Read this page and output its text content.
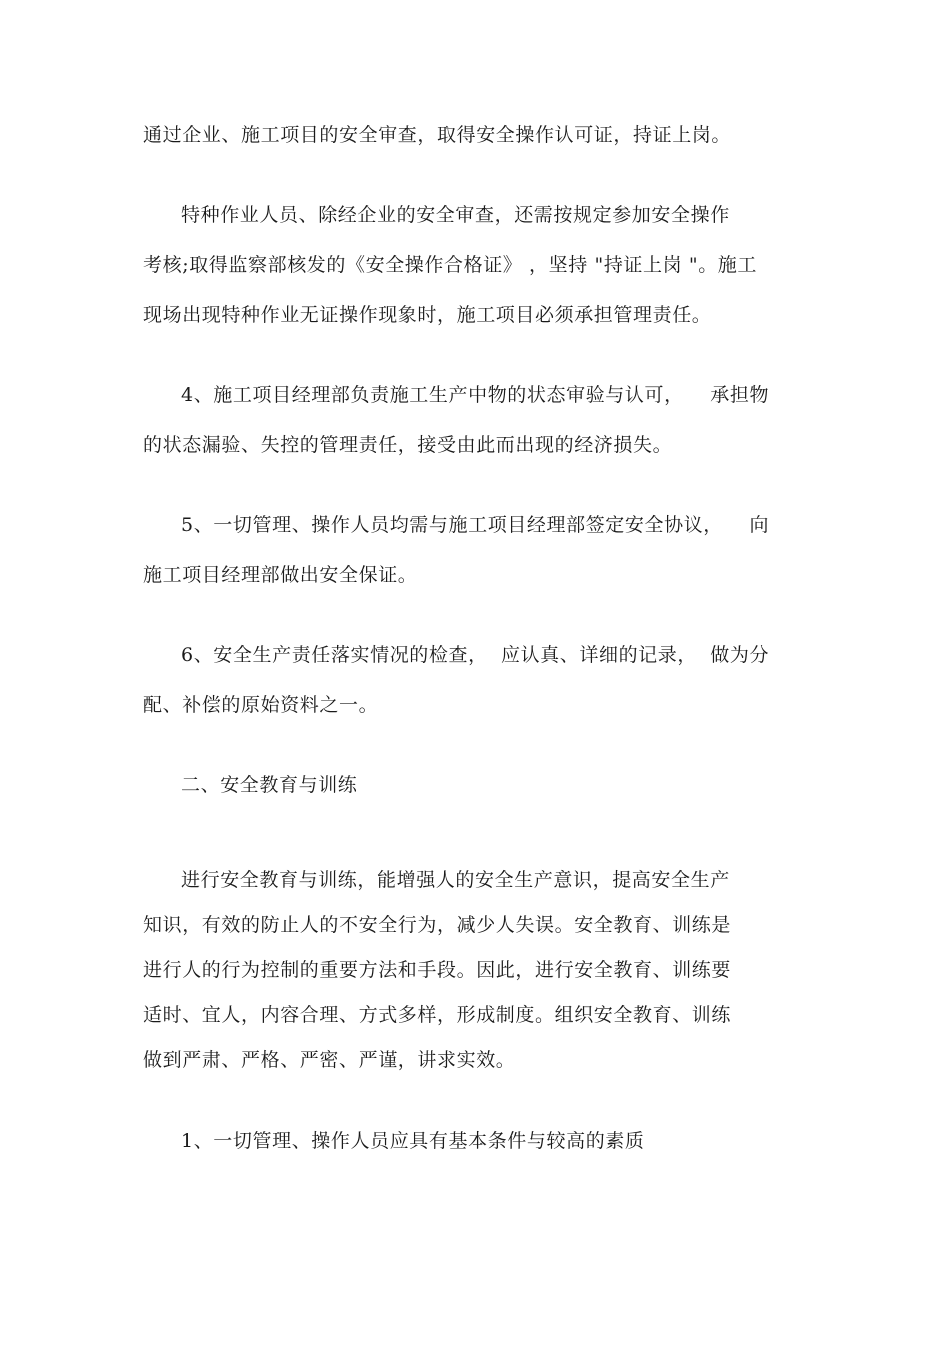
通过企业、施工项目的安全审查，取得安全操作认可证，持证上岗。
特种作业人员、除经企业的安全审查，还需按规定参加安全操作
考核;取得监察部核发的《安全操作合格证》 ，坚持 "持证上岗 "。施工
现场出现特种作业无证操作现象时，施工项目必须承担管理责任。
4、施工项目经理部负责施工生产中物的状态审验与认可，    承担物
的状态漏验、失控的管理责任，接受由此而出现的经济损失。
5、一切管理、操作人员均需与施工项目经理部签定安全协议，    向
施工项目经理部做出安全保证。
6、安全生产责任落实情况的检查，  应认真、详细的记录，  做为分
配、补偿的原始资料之一。
二、安全教育与训练
进行安全教育与训练，能增强人的安全生产意识，提高安全生产
知识，有效的防止人的不安全行为，减少人失误。安全教育、训练是
进行人的行为控制的重要方法和手段。因此，进行安全教育、训练要
适时、宜人，内容合理、方式多样，形成制度。组织安全教育、训练
做到严肃、严格、严密、严谨，讲求实效。
1、一切管理、操作人员应具有基本条件与较高的素质
